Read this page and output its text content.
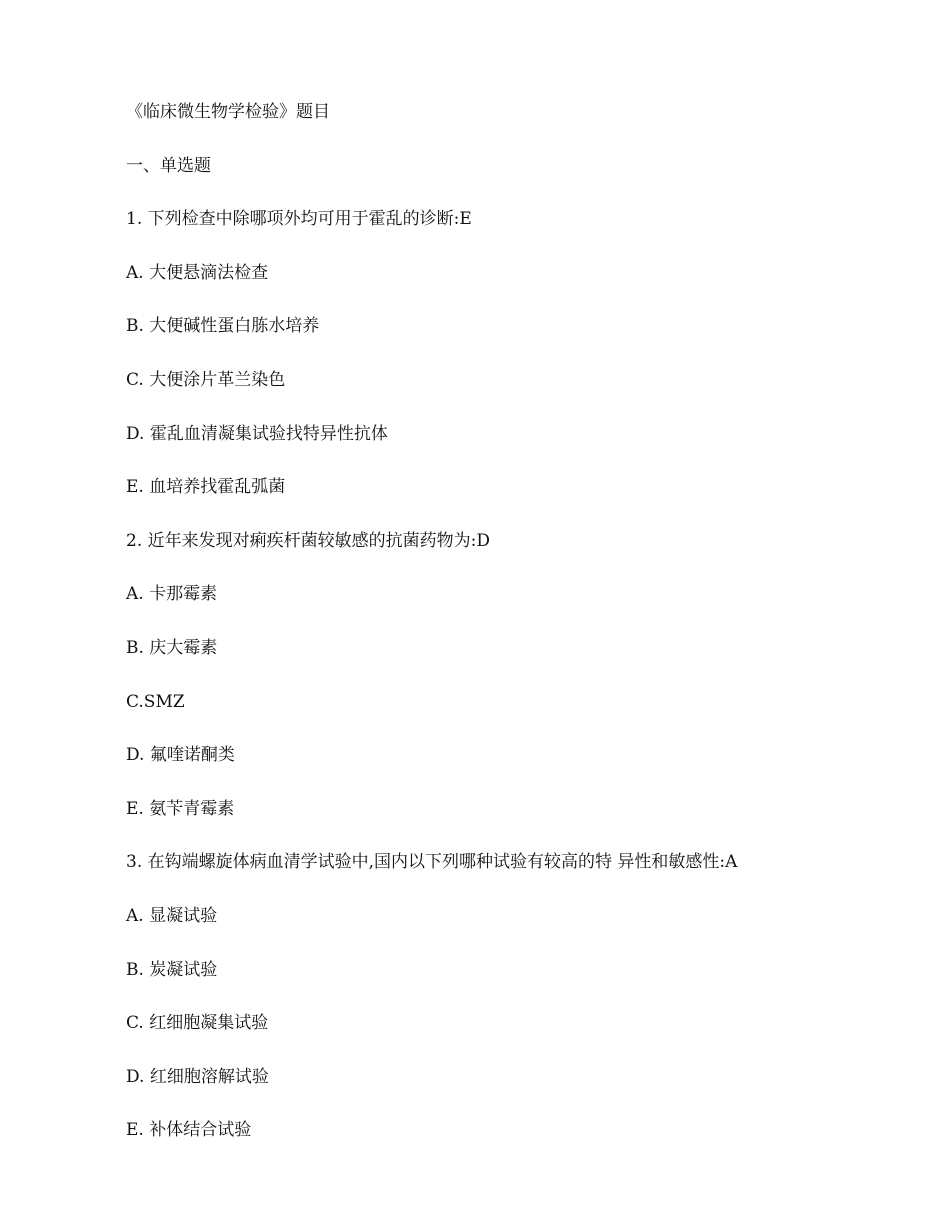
《临床微生物学检验》题目
一、单选题
1. 下列检查中除哪项外均可用于霍乱的诊断:E
A. 大便悬滴法检查
B. 大便碱性蛋白胨水培养
C. 大便涂片革兰染色
D. 霍乱血清凝集试验找特异性抗体
E. 血培养找霍乱弧菌
2. 近年来发现对痢疾杆菌较敏感的抗菌药物为:D
A. 卡那霉素
B. 庆大霉素
C.SMZ
D. 氟喹诺酮类
E. 氨苄青霉素
3. 在钩端螺旋体病血清学试验中,国内以下列哪种试验有较高的特 异性和敏感性:A
A. 显凝试验
B. 炭凝试验
C. 红细胞凝集试验
D. 红细胞溶解试验
E. 补体结合试验
